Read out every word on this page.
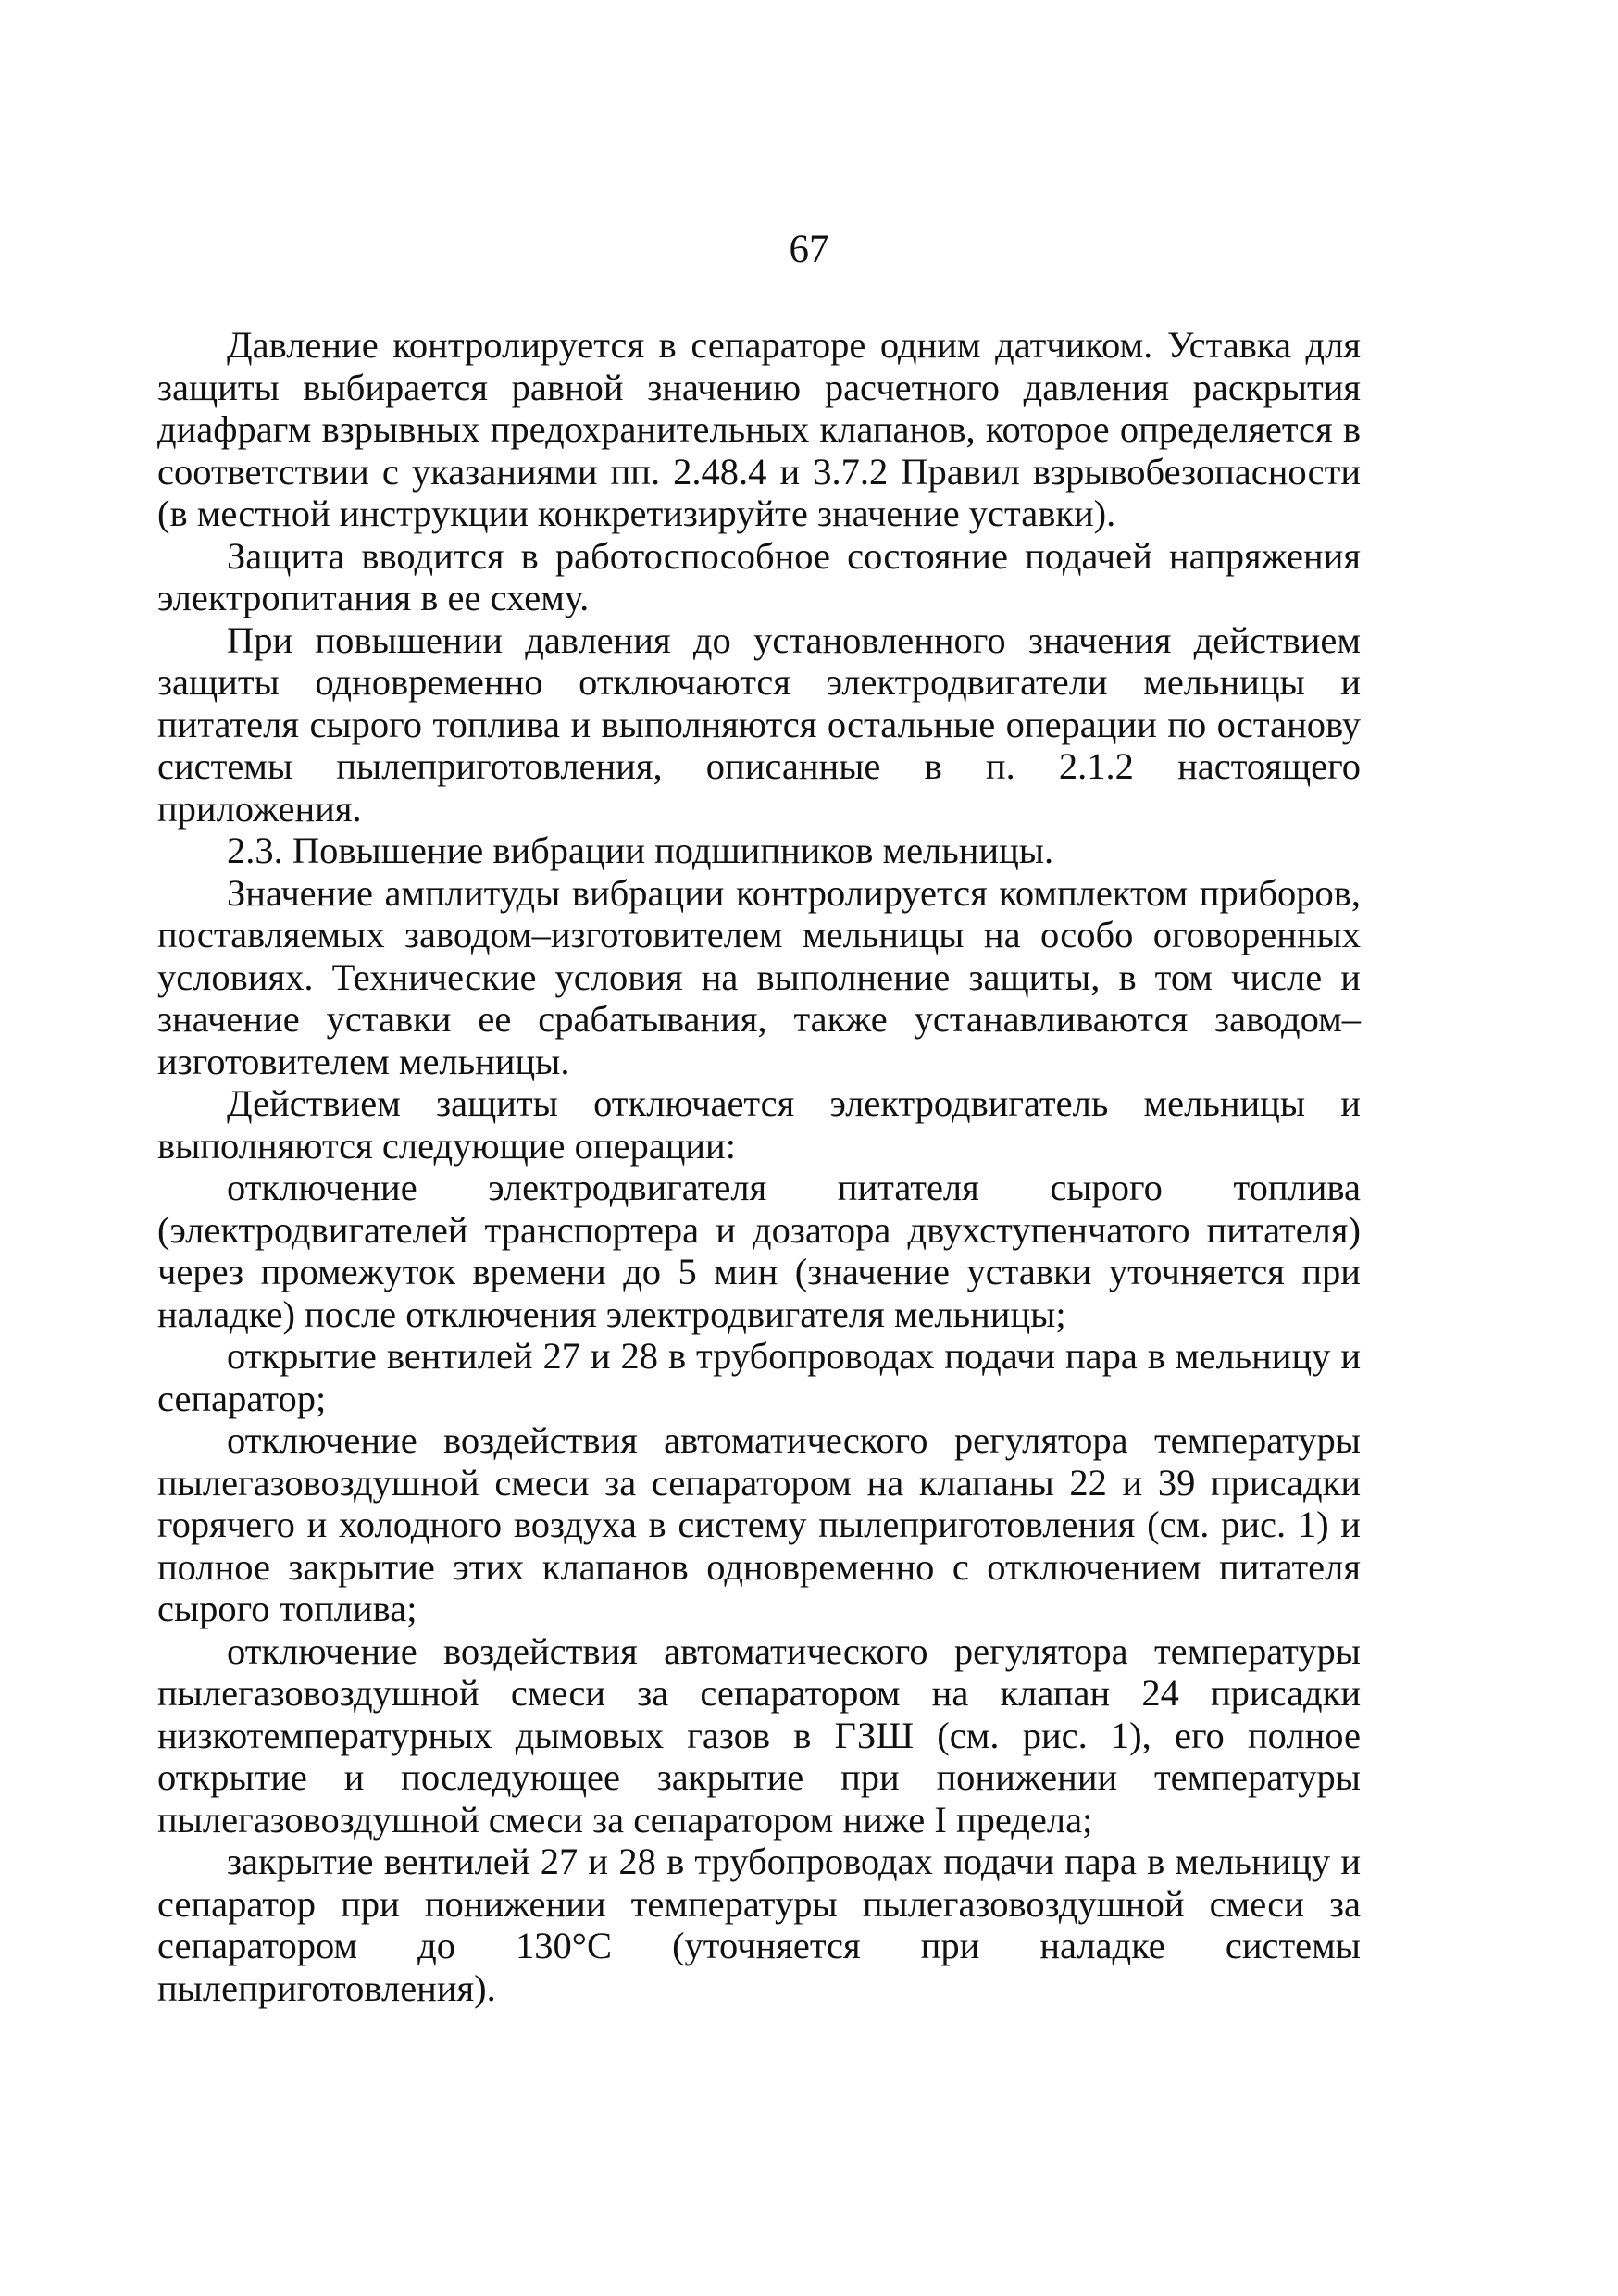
67

Давление контролируется в сепараторе одним датчиком. Уставка для защиты выбирается равной значению расчетного давления раскрытия диафрагм взрывных предохранительных клапанов, которое определяется в соответствии с указаниями пп. 2.48.4 и 3.7.2 Правил взрывобезопасности (в местной инструкции конкретизируйте значение уставки).

Защита вводится в работоспособное состояние подачей напряжения электропитания в ее схему.

При повышении давления до установленного значения действием защиты одновременно отключаются электродвигатели мельницы и питателя сырого топлива и выполняются остальные операции по останову системы пылеприготовления, описанные в п. 2.1.2 настоящего приложения.

2.3. Повышение вибрации подшипников мельницы.

Значение амплитуды вибрации контролируется комплектом приборов, поставляемых заводом–изготовителем мельницы на особо оговоренных условиях. Технические условия на выполнение защиты, в том числе и значение уставки ее срабатывания, также устанавливаются заводом–изготовителем мельницы.

Действием защиты отключается электродвигатель мельницы и выполняются следующие операции:

отключение электродвигателя питателя сырого топлива (электродвигателей транспортера и дозатора двухступенчатого питателя) через промежуток времени до 5 мин (значение уставки уточняется при наладке) после отключения электродвигателя мельницы;

открытие вентилей 27 и 28 в трубопроводах подачи пара в мельницу и сепаратор;

отключение воздействия автоматического регулятора температуры пылегазовоздушной смеси за сепаратором на клапаны 22 и 39 присадки горячего и холодного воздуха в систему пылеприготовления (см. рис. 1) и полное закрытие этих клапанов одновременно с отключением питателя сырого топлива;

отключение воздействия автоматического регулятора температуры пылегазовоздушной смеси за сепаратором на клапан 24 присадки низкотемпературных дымовых газов в ГЗШ (см. рис. 1), его полное открытие и последующее закрытие при понижении температуры пылегазовоздушной смеси за сепаратором ниже I предела;

закрытие вентилей 27 и 28 в трубопроводах подачи пара в мельницу и сепаратор при понижении температуры пылегазовоздушной смеси за сепаратором до 130°С (уточняется при наладке системы пылеприготовления).
